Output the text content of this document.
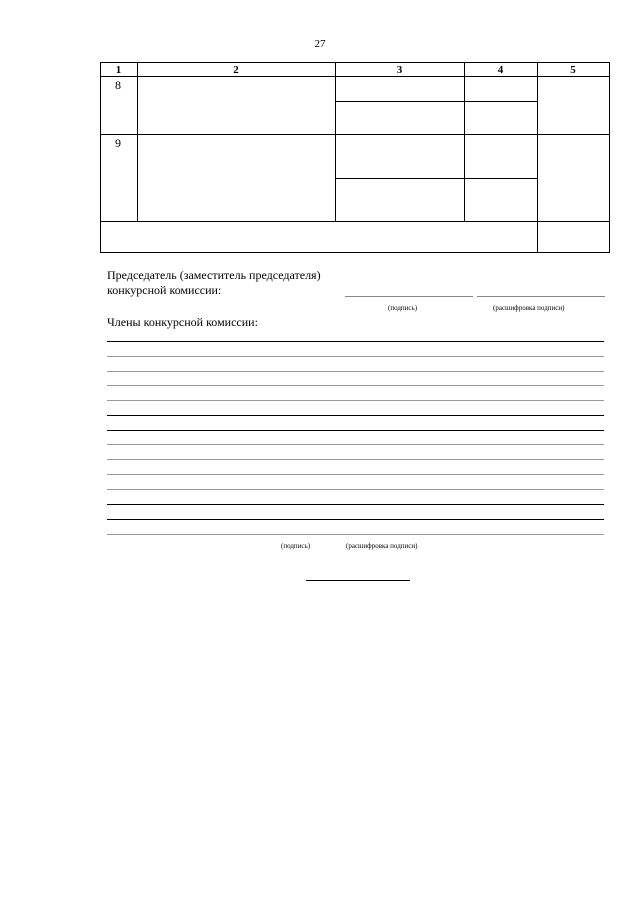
27
1	2	3	4	5
8
9
Председатель (заместитель председателя)
конкурсной комиссии:
(подпись)	(расшифровка подписи)
Члены конкурсной комиссии:
(подпись)	(расшифровка подписи)
